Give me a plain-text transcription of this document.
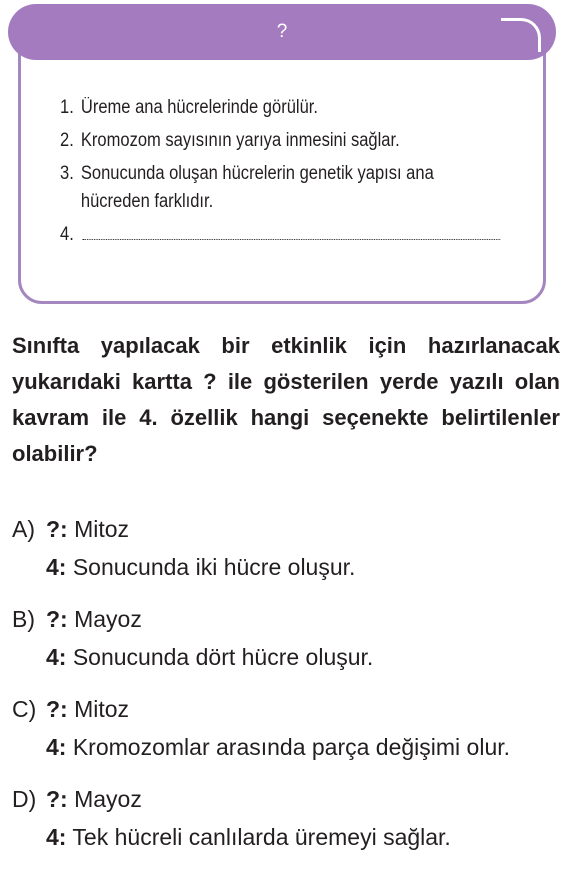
?
1. Üreme ana hücrelerinde görülür.
2. Kromozom sayısının yarıya inmesini sağlar.
3. Sonucunda oluşan hücrelerin genetik yapısı ana hücreden farklıdır.
4.
Sınıfta yapılacak bir etkinlik için hazırlanacak yukarıdaki kartta ? ile gösterilen yerde yazılı olan kavram ile 4. özellik hangi seçenekte belirtilenler olabilir?
A) ?: Mitoz
4: Sonucunda iki hücre oluşur.
B) ?: Mayoz
4: Sonucunda dört hücre oluşur.
C) ?: Mitoz
4: Kromozomlar arasında parça değişimi olur.
D) ?: Mayoz
4: Tek hücreli canlılarda üremeyi sağlar.
